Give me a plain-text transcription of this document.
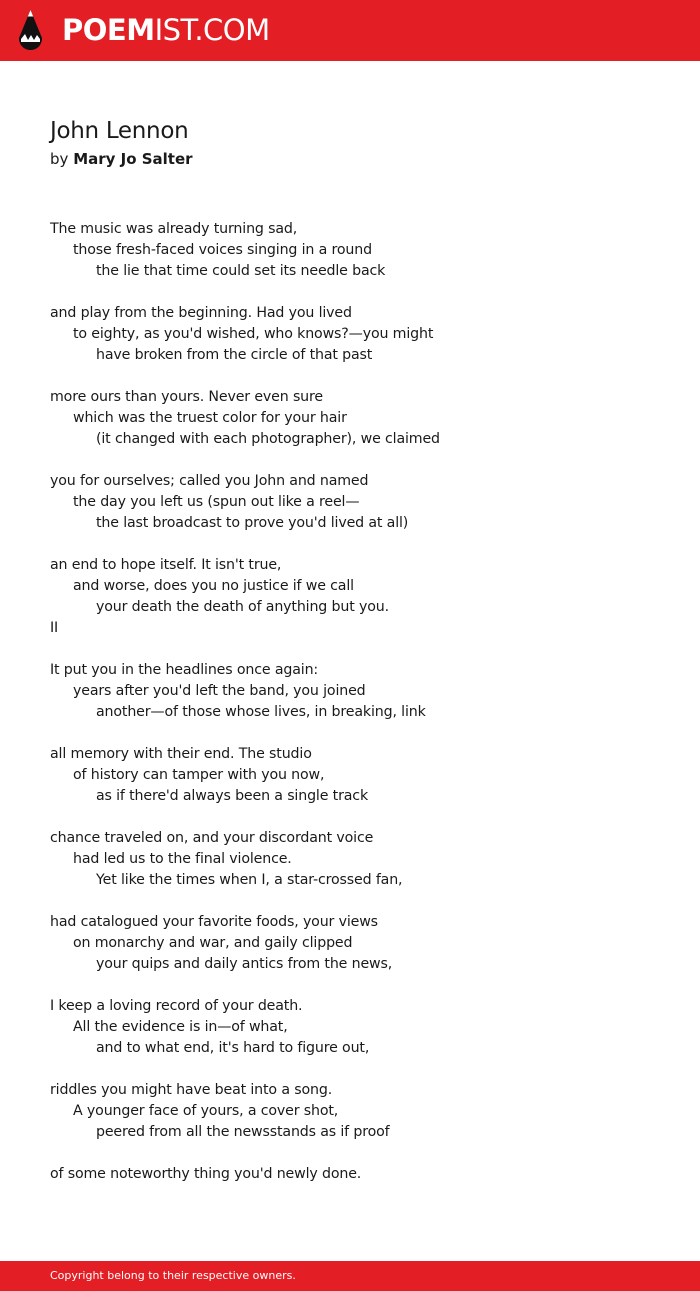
POEMIST.COM
John Lennon
by Mary Jo Salter
The music was already turning sad,
those fresh-faced voices singing in a round
the lie that time could set its needle back
and play from the beginning. Had you lived
to eighty, as you'd wished, who knows?—you might
have broken from the circle of that past
more ours than yours. Never even sure
which was the truest color for your hair
(it changed with each photographer), we claimed
you for ourselves; called you John and named
the day you left us (spun out like a reel—
the last broadcast to prove you'd lived at all)
an end to hope itself. It isn't true,
and worse, does you no justice if we call
your death the death of anything but you.
II
It put you in the headlines once again:
years after you'd left the band, you joined
another—of those whose lives, in breaking, link
all memory with their end. The studio
of history can tamper with you now,
as if there'd always been a single track
chance traveled on, and your discordant voice
had led us to the final violence.
Yet like the times when I, a star-crossed fan,
had catalogued your favorite foods, your views
on monarchy and war, and gaily clipped
your quips and daily antics from the news,
I keep a loving record of your death.
All the evidence is in—of what,
and to what end, it's hard to figure out,
riddles you might have beat into a song.
A younger face of yours, a cover shot,
peered from all the newsstands as if proof
of some noteworthy thing you'd newly done.
Copyright belong to their respective owners.
